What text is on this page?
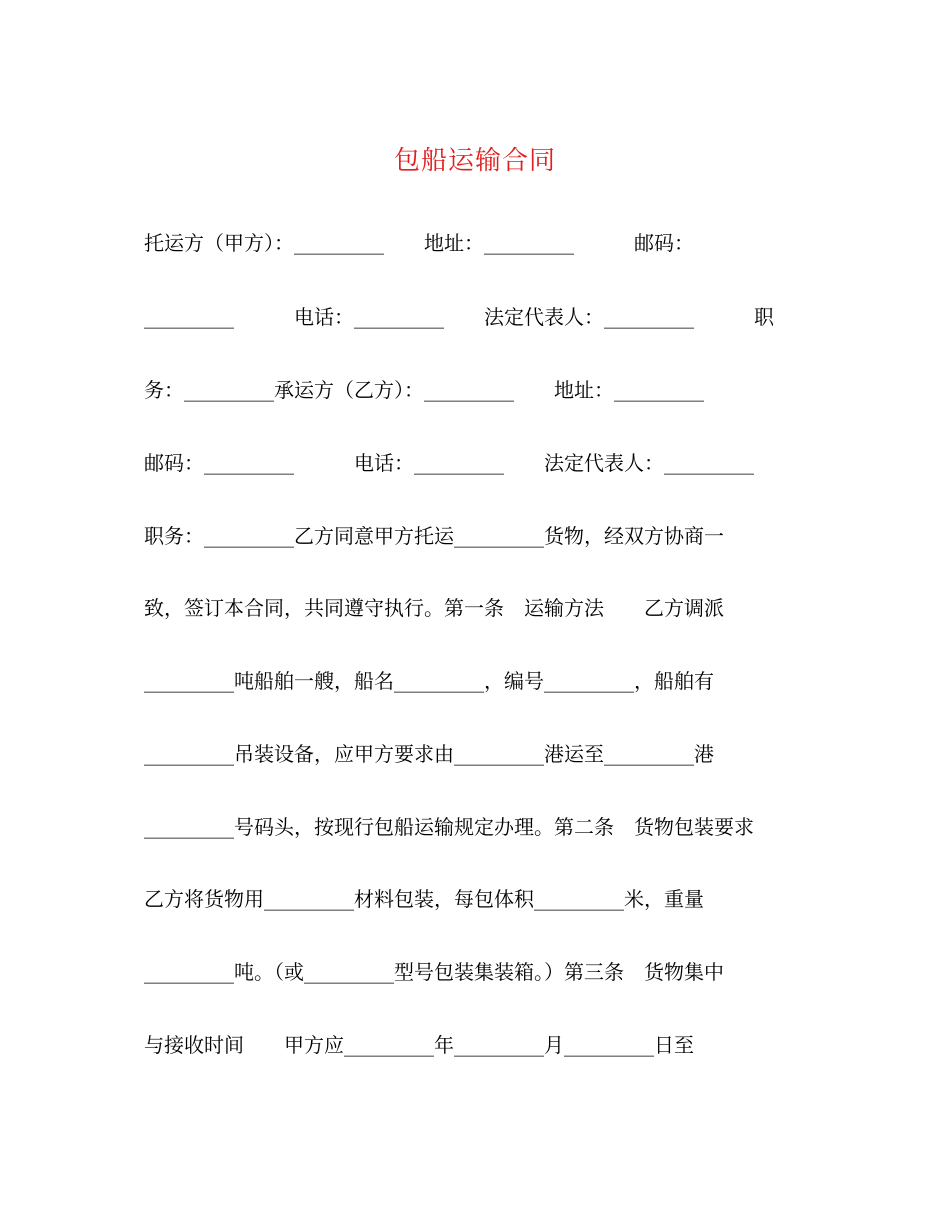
包船运输合同
托运方（甲方）：_________　　地址：_________　　　邮码：
_________　　　电话：_________　　法定代表人：_________　　　职
务：_________承运方（乙方）：_________　　地址：_________
邮码：_________　　　电话：_________　　法定代表人：_________
职务：_________乙方同意甲方托运_________货物，经双方协商一
致，签订本合同，共同遵守执行。第一条　运输方法　　乙方调派
_________吨船舶一艘，船名_________，编号_________，船舶有
_________吊装设备，应甲方要求由_________港运至_________港
_________号码头，按现行包船运输规定办理。第二条　货物包装要求
乙方将货物用_________材料包装，每包体积_________米，重量
_________吨。（或_________型号包装集装箱。）第三条　货物集中
与接收时间　　甲方应_________年_________月_________日至
